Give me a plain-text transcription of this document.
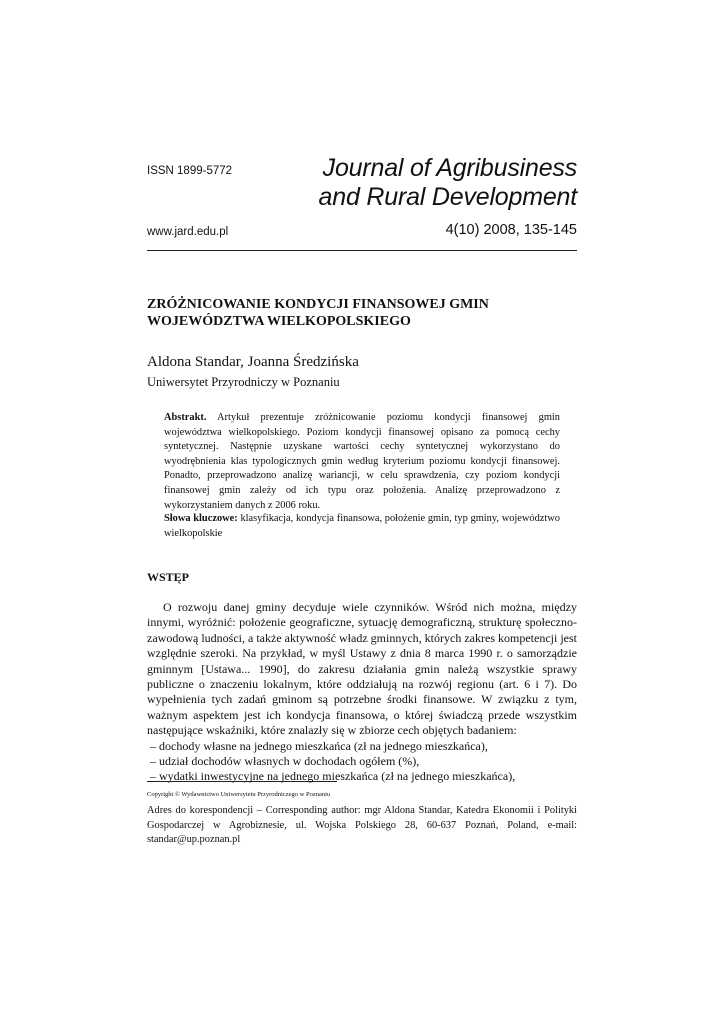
ISSN 1899-5772	Journal of Agribusiness
and Rural Development
www.jard.edu.pl	4(10) 2008, 135-145
ZRÓŻNICOWANIE KONDYCJI FINANSOWEJ GMIN
WOJEWÓDZTWA WIELKOPOLSKIEGO
Aldona Standar, Joanna Średzińska
Uniwersytet Przyrodniczy w Poznaniu
Abstrakt. Artykuł prezentuje zróżnicowanie poziomu kondycji finansowej gmin województwa wielkopolskiego. Poziom kondycji finansowej opisano za pomocą cechy syntetycznej. Następnie uzyskane wartości cechy syntetycznej wykorzystano do wyodrębnienia klas typologicznych gmin według kryterium poziomu kondycji finansowej. Ponadto, przeprowadzono analizę wariancji, w celu sprawdzenia, czy poziom kondycji finansowej gmin zależy od ich typu oraz położenia. Analizę przeprowadzono z wykorzystaniem danych z 2006 roku.
Słowa kluczowe: klasyfikacja, kondycja finansowa, położenie gmin, typ gminy, województwo wielkopolskie
WSTĘP

O rozwoju danej gminy decyduje wiele czynników. Wśród nich można, między innymi, wyróżnić: położenie geograficzne, sytuację demograficzną, strukturę społeczno-zawodową ludności, a także aktywność władz gminnych, których zakres kompetencji jest względnie szeroki. Na przykład, w myśl Ustawy z dnia 8 marca 1990 r. o samorządzie gminnym [Ustawa... 1990], do zakresu działania gmin należą wszystkie sprawy publiczne o znaczeniu lokalnym, które oddziałują na rozwój regionu (art. 6 i 7). Do wypełnienia tych zadań gminom są potrzebne środki finansowe. W związku z tym, ważnym aspektem jest ich kondycja finansowa, o której świadczą przede wszystkim następujące wskaźniki, które znalazły się w zbiorze cech objętych badaniem:

– dochody własne na jednego mieszkańca (zł na jednego mieszkańca),
– udział dochodów własnych w dochodach ogółem (%),
– wydatki inwestycyjne na jednego mieszkańca (zł na jednego mieszkańca),
Copyright © Wydawnictwo Uniwersytetu Przyrodniczego w Poznaniu
Adres do korespondencji – Corresponding author: mgr Aldona Standar, Katedra Ekonomii i Polityki Gospodarczej w Agrobiznesie, ul. Wojska Polskiego 28, 60-637 Poznań, Poland, e-mail: standar@up.poznan.pl
